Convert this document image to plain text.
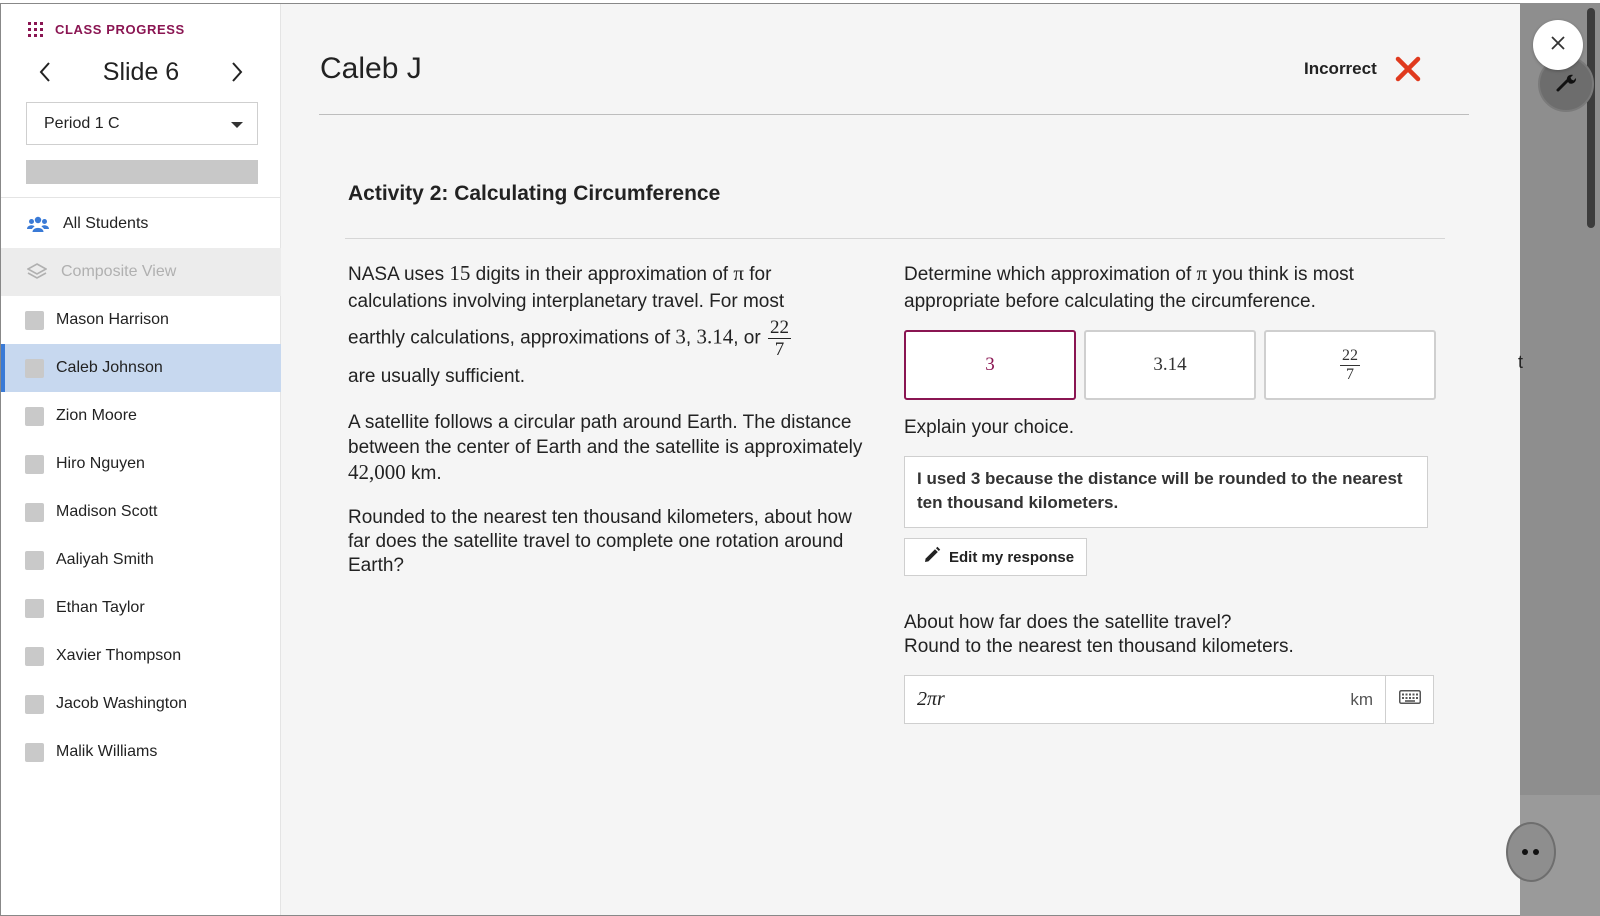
CLASS PROGRESS
Slide 6
Period 1 C
All Students
Composite View
Mason Harrison
Caleb Johnson
Zion Moore
Hiro Nguyen
Madison Scott
Aaliyah Smith
Ethan Taylor
Xavier Thompson
Jacob Washington
Malik Williams
Caleb J	Incorrect
Activity 2: Calculating Circumference

NASA uses 15 digits in their approximation of π for
calculations involving interplanetary travel. For most

earthly calculations, approximations of 3, 3.14, or $\frac{22}{7}$
are usually sufficient.

A satellite follows a circular path around Earth. The distance between the center of Earth and the satellite is approximately 42,000 km.

Rounded to the nearest ten thousand kilometers, about how far does the satellite travel to complete one rotation around Earth?

Determine which approximation of π you think is most appropriate before calculating the circumference.
3	3.14	$\frac{22}{7}$
Explain your choice.
I used 3 because the distance will be rounded to the nearest ten thousand kilometers.
Edit my response
About how far does the satellite travel?
Round to the nearest ten thousand kilometers.
2πr	km
t
